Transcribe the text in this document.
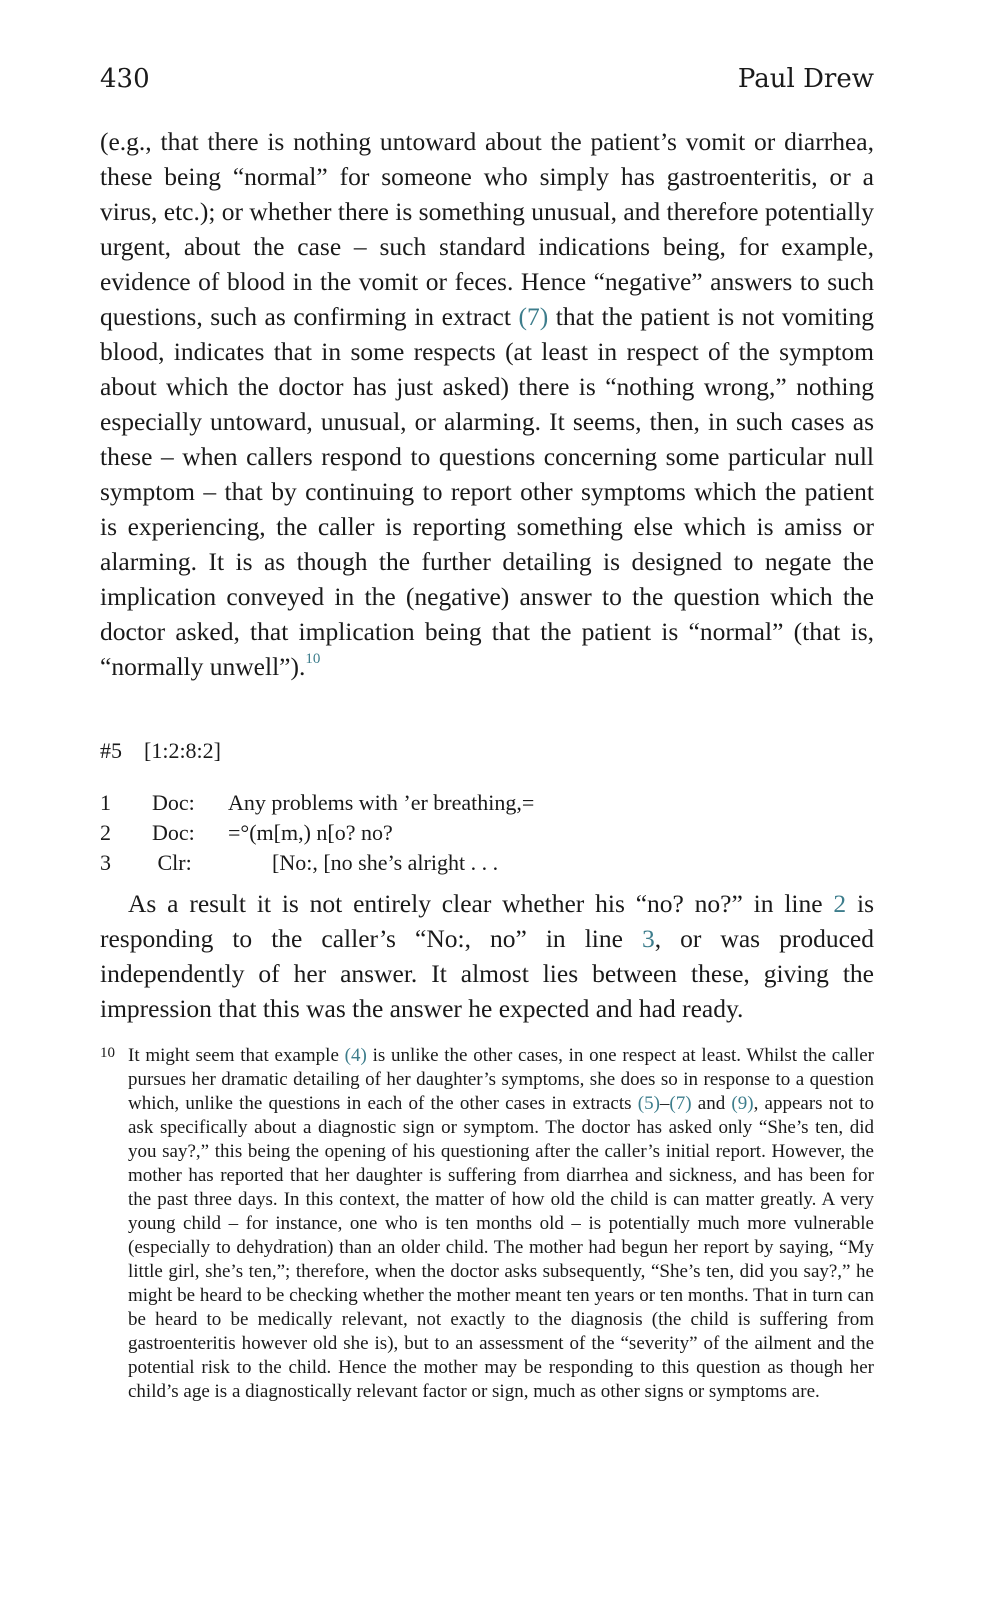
430	Paul Drew

(e.g., that there is nothing untoward about the patient’s vomit or diarrhea, these being “normal” for someone who simply has gastroenteritis, or a virus, etc.); or whether there is something unusual, and therefore potentially urgent, about the case – such standard indications being, for example, evidence of blood in the vomit or feces. Hence “negative” answers to such questions, such as confirming in extract (7) that the patient is not vomiting blood, indicates that in some respects (at least in respect of the symptom about which the doctor has just asked) there is “nothing wrong,” nothing especially untoward, unusual, or alarming. It seems, then, in such cases as these – when callers respond to questions concerning some particular null symptom – that by continuing to report other symptoms which the patient is experiencing, the caller is reporting something else which is amiss or alarming. It is as though the further detailing is designed to negate the implication conveyed in the (negative) answer to the question which the doctor asked, that implication being that the patient is “normal” (that is, “normally unwell”).$^{10}$

#5 [1:2:8:2]
1	Doc:	Any problems with ’er breathing,=
2	Doc:	=°(m[m,) n[o? no?
3	Clr:	[No:, [no she’s alright . . .

As a result it is not entirely clear whether his “no? no?” in line 2 is responding to the caller’s “No:, no” in line 3, or was produced independently of her answer. It almost lies between these, giving the impression that this was the answer he expected and had ready.

10 It might seem that example (4) is unlike the other cases, in one respect at least. Whilst the caller pursues her dramatic detailing of her daughter’s symptoms, she does so in response to a question which, unlike the questions in each of the other cases in extracts (5)–(7) and (9), appears not to ask specifically about a diagnostic sign or symptom. The doctor has asked only “She’s ten, did you say?,” this being the opening of his questioning after the caller’s initial report. However, the mother has reported that her daughter is suffering from diarrhea and sickness, and has been for the past three days. In this context, the matter of how old the child is can matter greatly. A very young child – for instance, one who is ten months old – is potentially much more vulnerable (especially to dehydration) than an older child. The mother had begun her report by saying, “My little girl, she’s ten,”; therefore, when the doctor asks subsequently, “She’s ten, did you say?,” he might be heard to be checking whether the mother meant ten years or ten months. That in turn can be heard to be medically relevant, not exactly to the diagnosis (the child is suffering from gastroenteritis however old she is), but to an assessment of the “severity” of the ailment and the potential risk to the child. Hence the mother may be responding to this question as though her child’s age is a diagnostically relevant factor or sign, much as other signs or symptoms are.
